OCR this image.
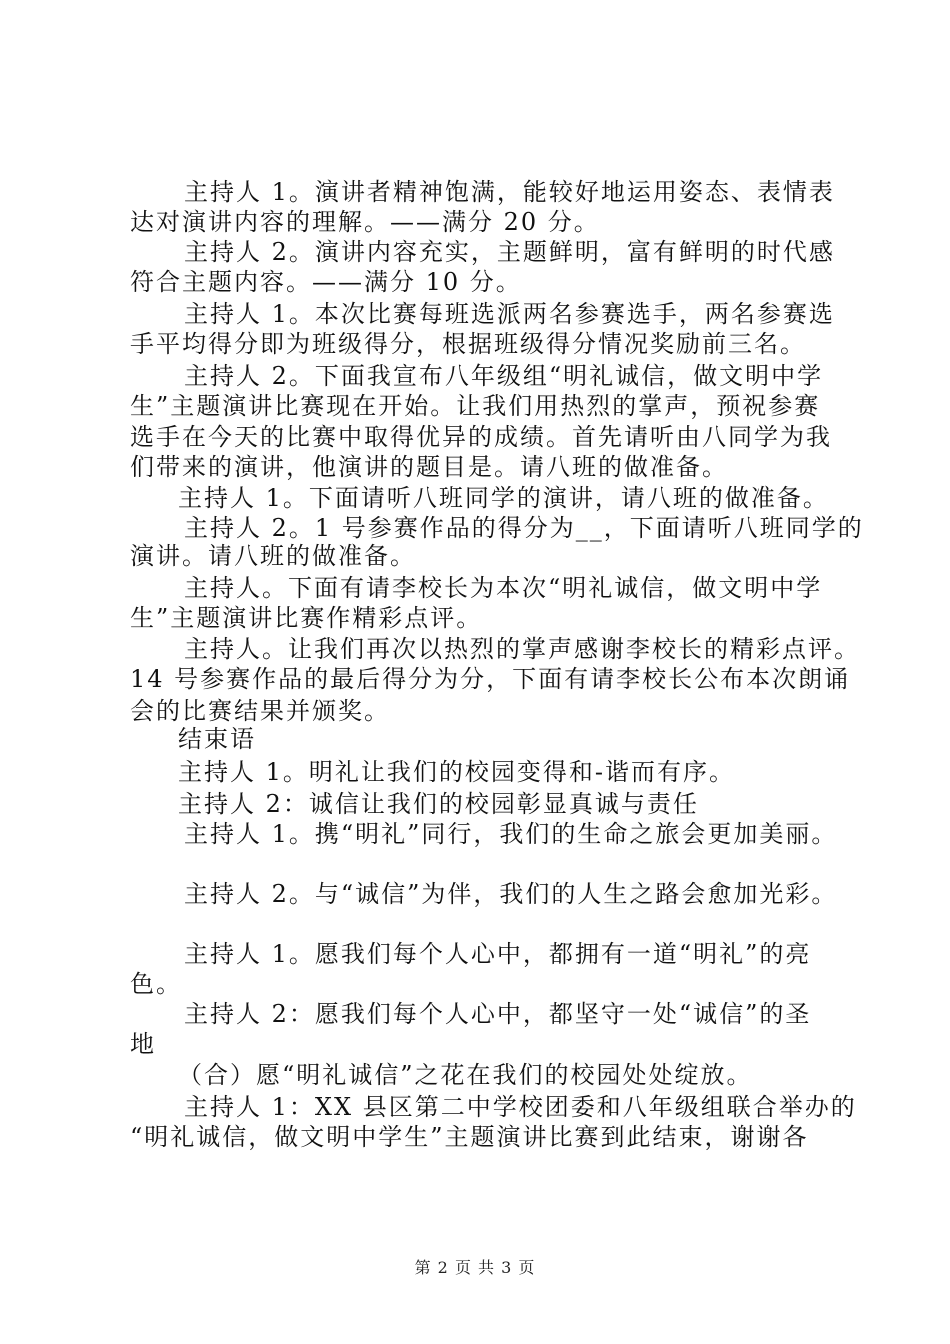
主持人 1。演讲者精神饱满，能较好地运用姿态、表情表
达对演讲内容的理解。——满分 20 分。
主持人 2。演讲内容充实，主题鲜明，富有鲜明的时代感
符合主题内容。——满分 10 分。
主持人 1。本次比赛每班选派两名参赛选手，两名参赛选
手平均得分即为班级得分，根据班级得分情况奖励前三名。
主持人 2。下面我宣布八年级组“明礼诚信，做文明中学
生”主题演讲比赛现在开始。让我们用热烈的掌声，预祝参赛
选手在今天的比赛中取得优异的成绩。首先请听由八同学为我
们带来的演讲，他演讲的题目是。请八班的做准备。
主持人 1。下面请听八班同学的演讲，请八班的做准备。
主持人 2。1 号参赛作品的得分为__，下面请听八班同学的
演讲。请八班的做准备。
主持人。下面有请李校长为本次“明礼诚信，做文明中学
生”主题演讲比赛作精彩点评。
主持人。让我们再次以热烈的掌声感谢李校长的精彩点评。
14 号参赛作品的最后得分为分，下面有请李校长公布本次朗诵
会的比赛结果并颁奖。
结束语
主持人 1。明礼让我们的校园变得和-谐而有序。
主持人 2：诚信让我们的校园彰显真诚与责任
主持人 1。携“明礼”同行，我们的生命之旅会更加美丽。
主持人 2。与“诚信”为伴，我们的人生之路会愈加光彩。
主持人 1。愿我们每个人心中，都拥有一道“明礼”的亮
色。
主持人 2：愿我们每个人心中，都坚守一处“诚信”的圣
地
（合）愿“明礼诚信”之花在我们的校园处处绽放。
主持人 1：XX 县区第二中学校团委和八年级组联合举办的
“明礼诚信，做文明中学生”主题演讲比赛到此结束，谢谢各
第 2 页 共 3 页
